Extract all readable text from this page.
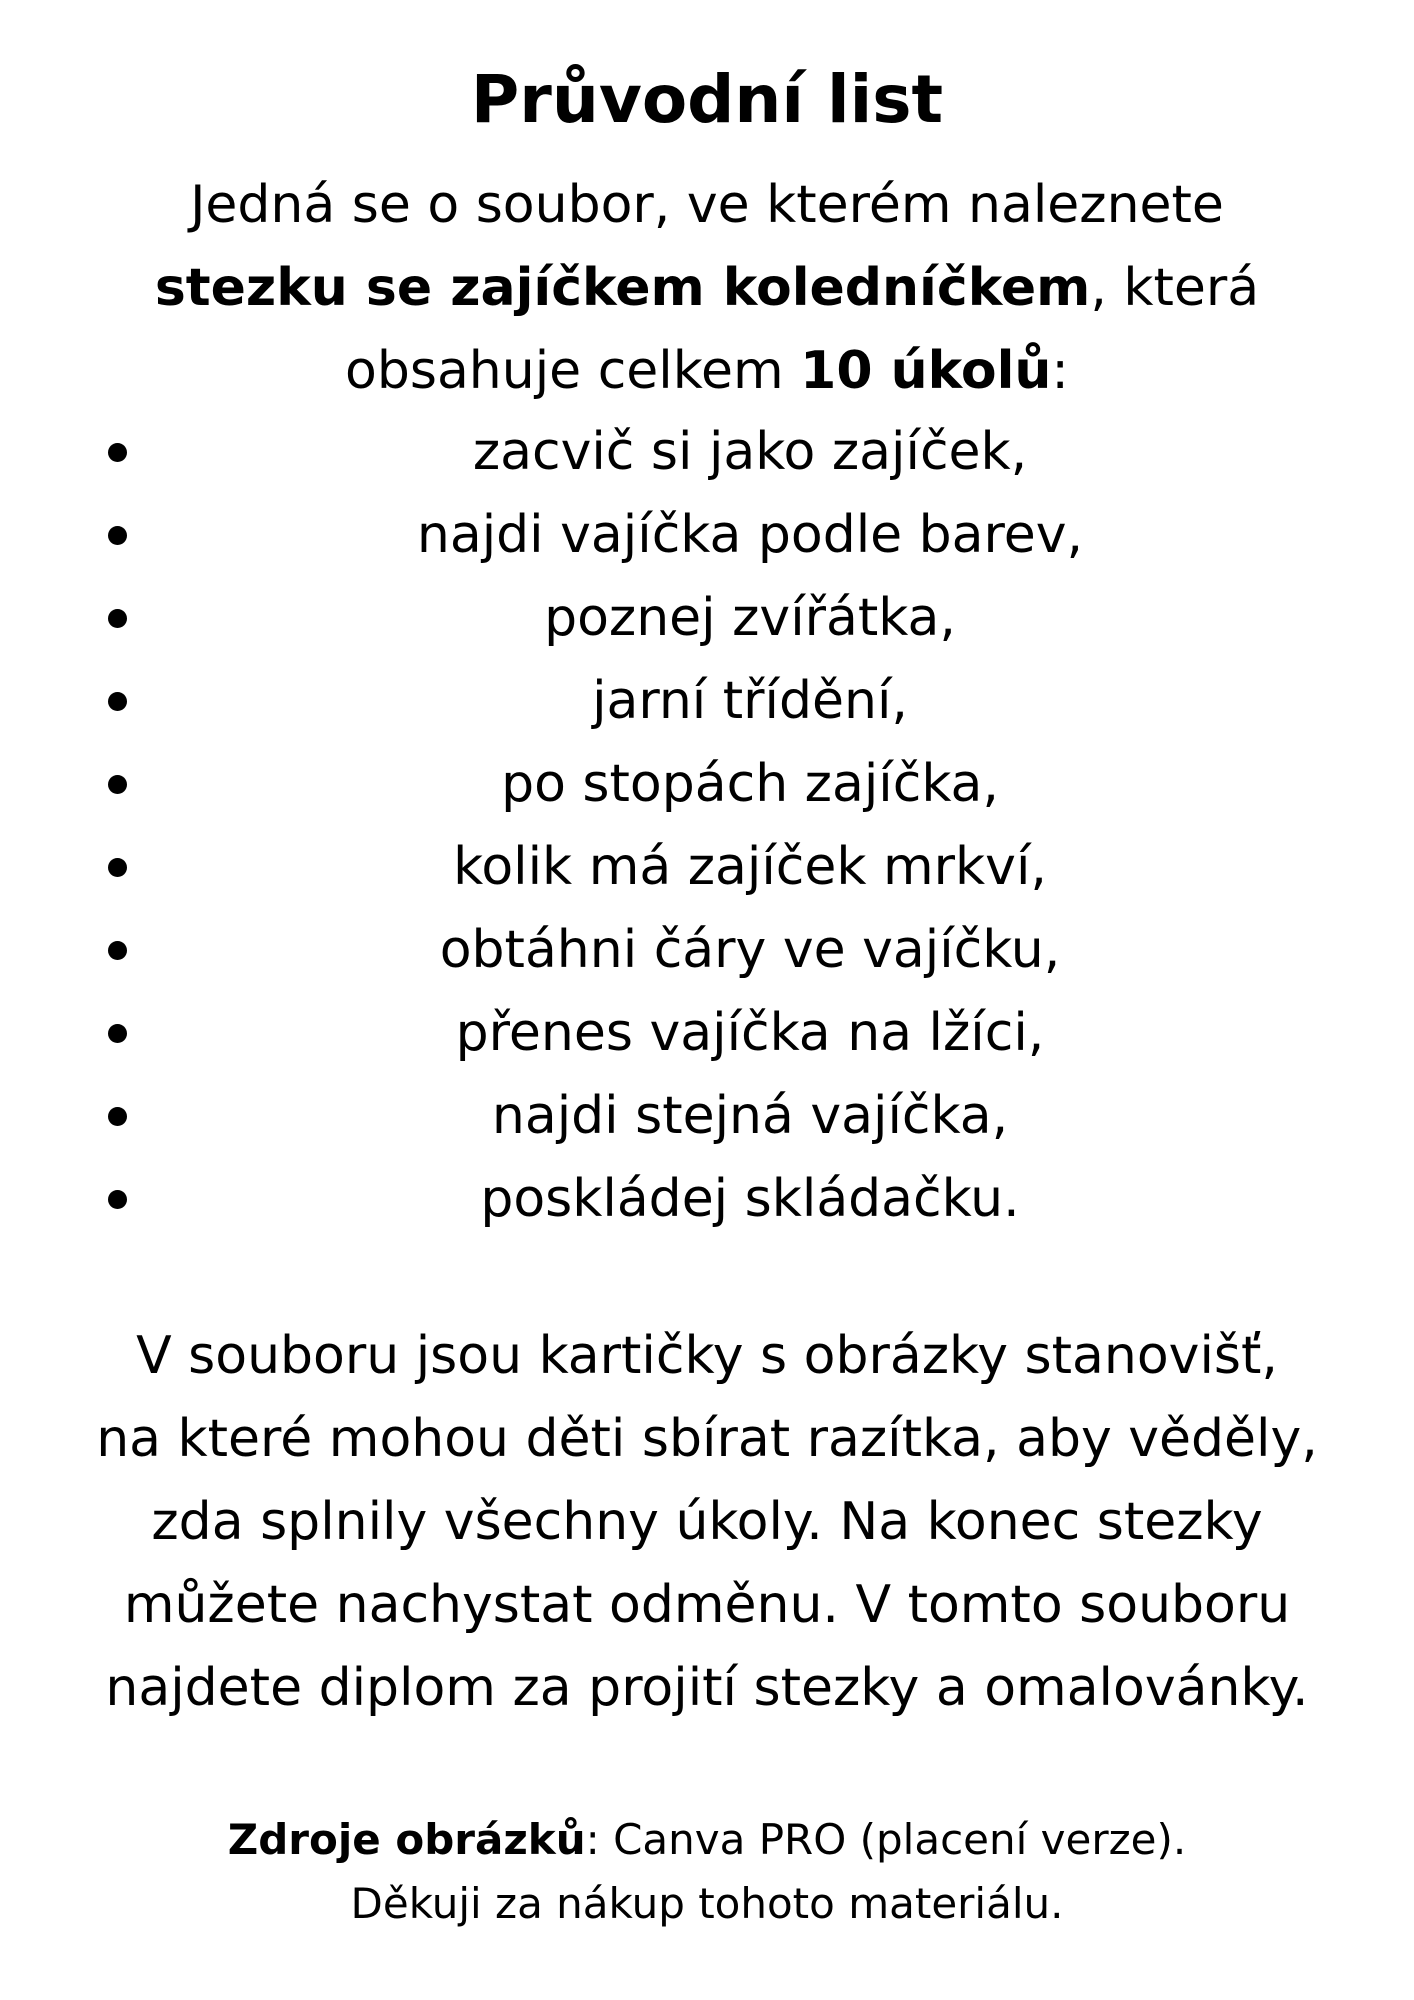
Průvodní list
Jedná se o soubor, ve kterém naleznete
stezku se zajíčkem koledníčkem, která obsahuje celkem 10 úkolů:
zacvič si jako zajíček,
najdi vajíčka podle barev,
poznej zvířátka,
jarní třídění,
po stopách zajíčka,
kolik má zajíček mrkví,
obtáhni čáry ve vajíčku,
přenes vajíčka na lžíci,
najdi stejná vajíčka,
poskládej skládačku.
V souboru jsou kartičky s obrázky stanovišť,
na které mohou děti sbírat razítka, aby věděly,
zda splnily všechny úkoly. Na konec stezky
můžete nachystat odměnu. V tomto souboru
najdete diplom za projití stezky a omalovánky.
Zdroje obrázků: Canva PRO (placení verze).
Děkuji za nákup tohoto materiálu.
